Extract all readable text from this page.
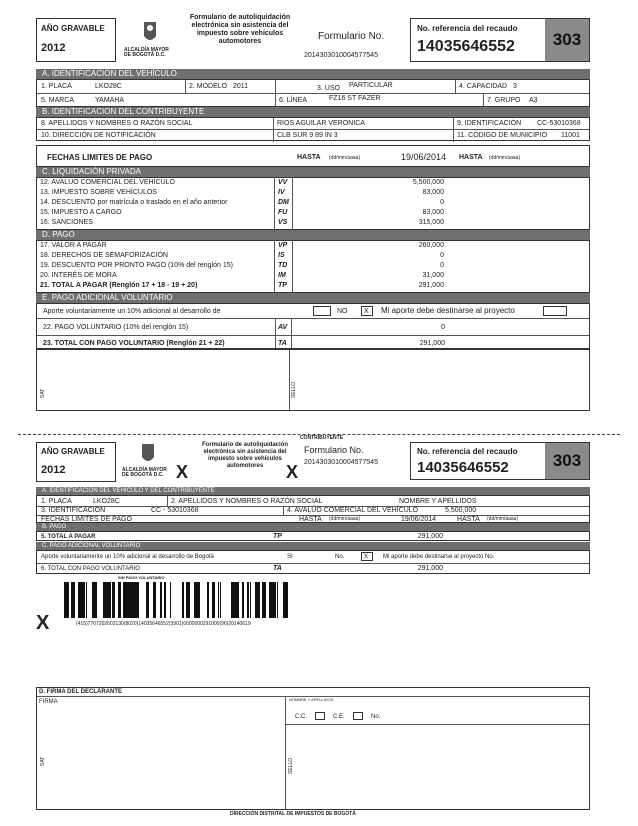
AÑO GRAVABLE
2012	ALCALDÍA MAYOR
DE BOGOTÁ D.C.
Formulario de autoliquidación electrónica sin asistencia del impuesto sobre vehículos automotores	Formulario No.
2014303010004577545
No. referencia del recaudo
14035646552	303
A. IDENTIFICACION DEL VEHÍCULO
1. PLACA	LKO28C	2. MODELO 2011	3. USO PARTICULAR	4. CAPACIDAD 3
5. MARCA	YAMAHA	6. LÍNEA	FZ16 ST FAZER	7. GRUPO A3
B. IDENTIFICACION DEL CONTRIBUYENTE
8. APELLIDOS Y NOMBRES O RAZÓN SOCIAL	RIOS AGUILAR VERONICA	9. IDENTIFICACIÓN CC-53010368
10. DIRECCIÓN DE NOTIFICACIÓN	CLB SUR 9 89 IN 3	11. CÓDIGO DE MUNICIPIO 11001
FECHAS LIMITES DE PAGO	HASTA (dd/mm/aaaa)	19/06/2014 HASTA (dd/mm/aaaa)
C. LIQUIDACIÓN PRIVADA
12. AVALUO COMERCIAL DEL VEHÍCULO	VV	5,500,000
13. IMPUESTO SOBRE VEHÍCULOS	IV	83,000
14. DESCUENTO por matrícula o traslado en el año anterior	DM	0
15. IMPUESTO A CARGO	FU	83,000
16. SANCIONES	VS	315,000
D. PAGO
17. VALOR A PAGAR	VP	260,000
18. DERECHOS DE SEMAFORIZACIÓN	IS	0
19. DESCUENTO POR PRONTO PAGO (10% del renglón 15)	TD	0
20. INTERÉS DE MORA	IM	31,000
21. TOTAL A PAGAR (Renglón 17 + 18 - 19 + 20)	TP	291,000
E. PAGO ADICIONAL VOLUNTARIO
Aporte voluntariamente un 10% adicional al desarrollo de	NO X Mi aporte debe destinarse al proyecto
22. PAGO VOLUNTARIO (10% del renglón 15)	AV	0
23. TOTAL CON PAGO VOLUNTARIO (Renglón 21 + 22)	TA	291,000
SAT	SELLO
CONTRIBUYENTE
AÑO GRAVABLE
2012	ALCALDÍA MAYOR
DE BOGOTÁ D.C. X
Formulario de autoliquidación electrónica sin asistencia del impuesto sobre vehículos automotores	X
Formulario No.
2014303010004577545
No. referencia del recaudo
14035646552	303
A. IDENTIFICACIÓN DEL VEHÍCULO Y DEL CONTRIBUYENTE
1. PLACA	LKO28C	2. APELLIDOS Y NOMBRES O RAZÓN SOCIAL	NOMBRE Y APELLIDOS
3. IDENTIFICACIÓN	CC - 53010368	4. AVALÚO COMERCIAL DEL VEHÍCULO	5,500,000
FECHAS LIMITES DE PAGO	HASTA (dd/mm/aaaa)	19/06/2014	HASTA (dd/mm/aaaa)
B. PAGO
5. TOTAL A PAGAR	TP	291,000
C. PAGO ADICIONAL VOLUNTARIO
Aporte voluntariamente un 10% adicional al desarrollo de Bogotá	SI	No.	X Mi aporte debe destinarse al proyecto No.
6. TOTAL CON PAGO VOLUNTARIO	TA	291,000
SIN PAGO VOLUNTARIO
(415)7707202603130(8020)14035646552(3901)0000000291000(96)20140619
X
D. FIRMA DEL DECLARANTE
FIRMA	NOMBRE Y APELLIDOS
C.C.	C.E.	No.
SAT	SELLO
DIRECCIÓN DISTRITAL DE IMPUESTOS DE BOGOTÁ
